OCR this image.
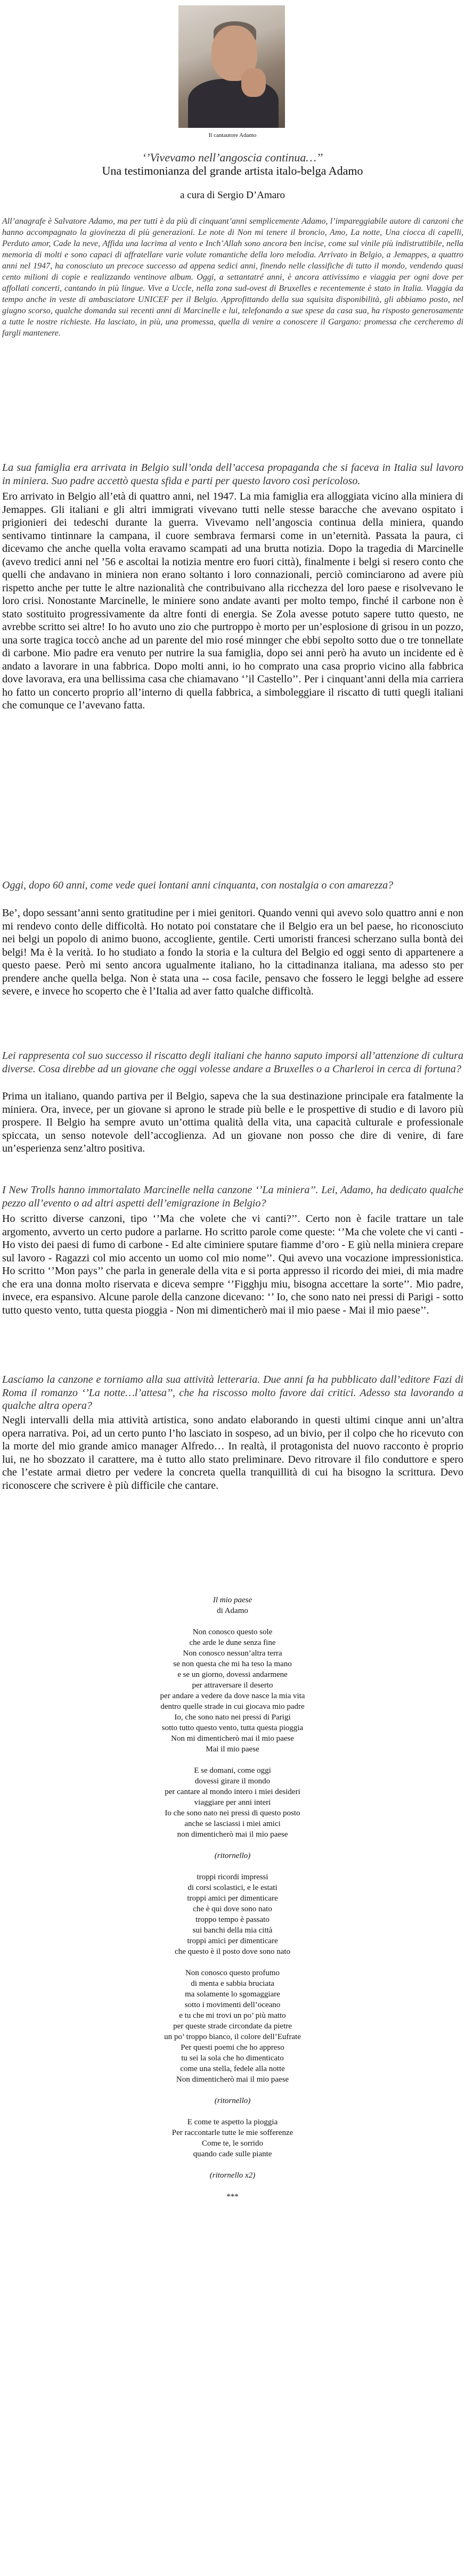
Il cantautore Adamo
‘’Vivevamo nell’angoscia continua…’’
Una testimonianza del grande artista italo-belga Adamo
a cura di Sergio D’Amaro
All’anagrafe è Salvatore Adamo, ma per tutti è da più di cinquant’anni semplicemente Adamo, l’impareggiabile autore di canzoni che hanno accompagnato la giovinezza di più generazioni. Le note di Non mi tenere il broncio, Amo, La notte, Una ciocca di capelli, Perduto amor, Cade la neve, Affida una lacrima al vento e Inch’Allah sono ancora ben incise, come sul vinile più indistruttibile, nella memoria di molti e sono capaci di affratellare varie volute romantiche della loro melodia. Arrivato in Belgio, a Jemappes, a quattro anni nel 1947, ha conosciuto un precoce successo ad appena sedici anni, finendo nelle classifiche di tutto il mondo, vendendo quasi cento milioni di copie e realizzando ventinove album. Oggi, a settantatré anni, è ancora attivissimo e viaggia per ogni dove per affollati concerti, cantando in più lingue. Vive a Uccle, nella zona sud-ovest di Bruxelles e recentemente è stato in Italia. Viaggia da tempo anche in veste di ambasciatore UNICEF per il Belgio. Approfittando della sua squisita disponibilità, gli abbiamo posto, nel giugno scorso, qualche domanda sui recenti anni di Marcinelle e lui, telefonando a sue spese da casa sua, ha risposto generosamente a tutte le nostre richieste. Ha lasciato, in più, una promessa, quella di venire a conoscere il Gargano: promessa che cercheremo di fargli mantenere.
La sua famiglia era arrivata in Belgio sull’onda dell’accesa propaganda che si faceva in Italia sul lavoro in miniera. Suo padre accettò questa sfida e parti per questo lavoro così pericoloso.
Ero arrivato in Belgio all’età di quattro anni, nel 1947. La mia famiglia era alloggiata vicino alla miniera di Jemappes. Gli italiani e gli altri immigrati vivevano tutti nelle stesse baracche che avevano ospitato i prigionieri dei tedeschi durante la guerra. Vivevamo nell’angoscia continua della miniera, quando sentivamo tintinnare la campana, il cuore sembrava fermarsi come in un’eternità. Passata la paura, ci dicevamo che anche quella volta eravamo scampati ad una brutta notizia. Dopo la tragedia di Marcinelle (avevo tredici anni nel ’56 e ascoltai la notizia mentre ero fuori città), finalmente i belgi si resero conto che quelli che andavano in miniera non erano soltanto i loro connazionali, perciò cominciarono ad avere più rispetto anche per tutte le altre nazionalità che contribuivano alla ricchezza del loro paese e risolvevano le loro crisi. Nonostante Marcinelle, le miniere sono andate avanti per molto tempo, finché il carbone non è stato sostituito progressivamente da altre fonti di energia. Se Zola avesse potuto sapere tutto questo, ne avrebbe scritto sei altre! Io ho avuto uno zio che purtroppo è morto per un’esplosione di grisou in un pozzo, una sorte tragica toccò anche ad un parente del mio rosé minnger che ebbi sepolto sotto due o tre tonnellate di carbone. Mio padre era venuto per nutrire la sua famiglia, dopo sei anni però ha avuto un incidente ed è andato a lavorare in una fabbrica. Dopo molti anni, io ho comprato una casa proprio vicino alla fabbrica dove lavorava, era una bellissima casa che chiamavano ‘’il Castello’’. Per i cinquant’anni della mia carriera ho fatto un concerto proprio all’interno di quella fabbrica, a simboleggiare il riscatto di tutti quegli italiani che comunque ce l’avevano fatta.
Oggi, dopo 60 anni, come vede quei lontani anni cinquanta, con nostalgia o con amarezza?
Be’, dopo sessant’anni sento gratitudine per i miei genitori. Quando venni qui avevo solo quattro anni e non mi rendevo conto delle difficoltà. Ho notato poi constatare che il Belgio era un bel paese, ho riconosciuto nei belgi un popolo di animo buono, accogliente, gentile. Certi umoristi francesi scherzano sulla bontà dei belgi! Ma è la verità. Io ho studiato a fondo la storia e la cultura del Belgio ed oggi sento di appartenere a questo paese. Però mi sento ancora ugualmente italiano, ho la cittadinanza italiana, ma adesso sto per prendere anche quella belga. Non è stata una -- cosa facile, pensavo che fossero le leggi belghe ad essere severe, e invece ho scoperto che è l’Italia ad aver fatto qualche difficoltà.
Lei rappresenta col suo successo il riscatto degli italiani che hanno saputo imporsi all’attenzione di cultura diverse. Cosa direbbe ad un giovane che oggi volesse andare a Bruxelles o a Charleroi in cerca di fortuna?
Prima un italiano, quando partiva per il Belgio, sapeva che la sua destinazione principale era fatalmente la miniera. Ora, invece, per un giovane si aprono le strade più belle e le prospettive di studio e di lavoro più prospere. Il Belgio ha sempre avuto un’ottima qualità della vita, una capacità culturale e professionale spiccata, un senso notevole dell’accoglienza. Ad un giovane non posso che dire di venire, di fare un’esperienza senz’altro positiva.
I New Trolls hanno immortalato Marcinelle nella canzone ‘’La miniera’’. Lei, Adamo, ha dedicato qualche pezzo all’evento o ad altri aspetti dell’emigrazione in Belgio?
Ho scritto diverse canzoni, tipo ‘’Ma che volete che vi canti?’’. Certo non è facile trattare un tale argomento, avverto un certo pudore a parlarne. Ho scritto parole come queste: ‘’Ma che volete che vi canti - Ho visto dei paesi di fumo di carbone - Ed alte ciminiere sputare fiamme d’oro - E giù nella miniera crepare sul lavoro - Ragazzi col mio accento un uomo col mio nome’’. Qui avevo una vocazione impressionistica. Ho scritto ‘’Mon pays’’ che parla in generale della vita e si porta appresso il ricordo dei miei, di mia madre che era una donna molto riservata e diceva sempre ‘’Figghju miu, bisogna accettare la sorte’’. Mio padre, invece, era espansivo. Alcune parole della canzone dicevano: ‘’ Io, che sono nato nei pressi di Parigi - sotto tutto questo vento, tutta questa pioggia - Non mi dimenticherò mai il mio paese - Mai il mio paese’’.
Lasciamo la canzone e torniamo alla sua attività letteraria. Due anni fa ha pubblicato dall’editore Fazi di Roma il romanzo ‘’La notte…l’attesa’’, che ha riscosso molto favore dai critici. Adesso sta lavorando a qualche altra opera?
Negli intervalli della mia attività artistica, sono andato elaborando in questi ultimi cinque anni un’altra opera narrativa. Poi, ad un certo punto l’ho lasciato in sospeso, ad un bivio, per il colpo che ho ricevuto con la morte del mio grande amico manager Alfredo… In realtà, il protagonista del nuovo racconto è proprio lui, ne ho sbozzato il carattere, ma è tutto allo stato preliminare. Devo ritrovare il filo conduttore e spero che l’estate armai dietro per vedere la concreta quella tranquillità di cui ha bisogno la scrittura. Devo riconoscere che scrivere è più difficile che cantare.
Il mio paese
di Adamo

Non conosco questo sole
che arde le dune senza fine
Non conosco nessun’altra terra
se non questa che mi ha teso la mano
e se un giorno, dovessi andarmene
per attraversare il deserto
per andare a vedere da dove nasce la mia vita
dentro quelle strade in cui giocava mio padre
Io, che sono nato nei pressi di Parigi
sotto tutto questo vento, tutta questa pioggia
Non mi dimenticherò mai il mio paese
Mai il mio paese

E se domani, come oggi
dovessi girare il mondo
per cantare al mondo intero i miei desideri
viaggiare per anni interi
Io che sono nato nei pressi di questo posto
anche se lasciassi i miei amici
non dimenticherò mai il mio paese

(ritornello)

troppi ricordi impressi
di corsi scolastici, e le estati
troppi amici per dimenticare
che è qui dove sono nato
troppo tempo è passato
sui banchi della mia città
troppi amici per dimenticare
che questo è il posto dove sono nato

Non conosco questo profumo
di menta e sabbia bruciata
ma solamente lo sgomaggiare
sotto i movimenti dell’oceano
e tu che mi trovi un po’ più matto
per queste strade circondate da pietre
un po’ troppo bianco, il colore dell’Eufrate
Per questi poemi che ho appreso
tu sei la sola che ho dimenticato
come una stella, fedele alla notte
Non dimenticherò mai il mio paese

(ritornello)

E come te aspetto la pioggia
Per raccontarle tutte le mie sofferenze
Come te, le sorrido
quando cade sulle piante

(ritornello x2)

***
